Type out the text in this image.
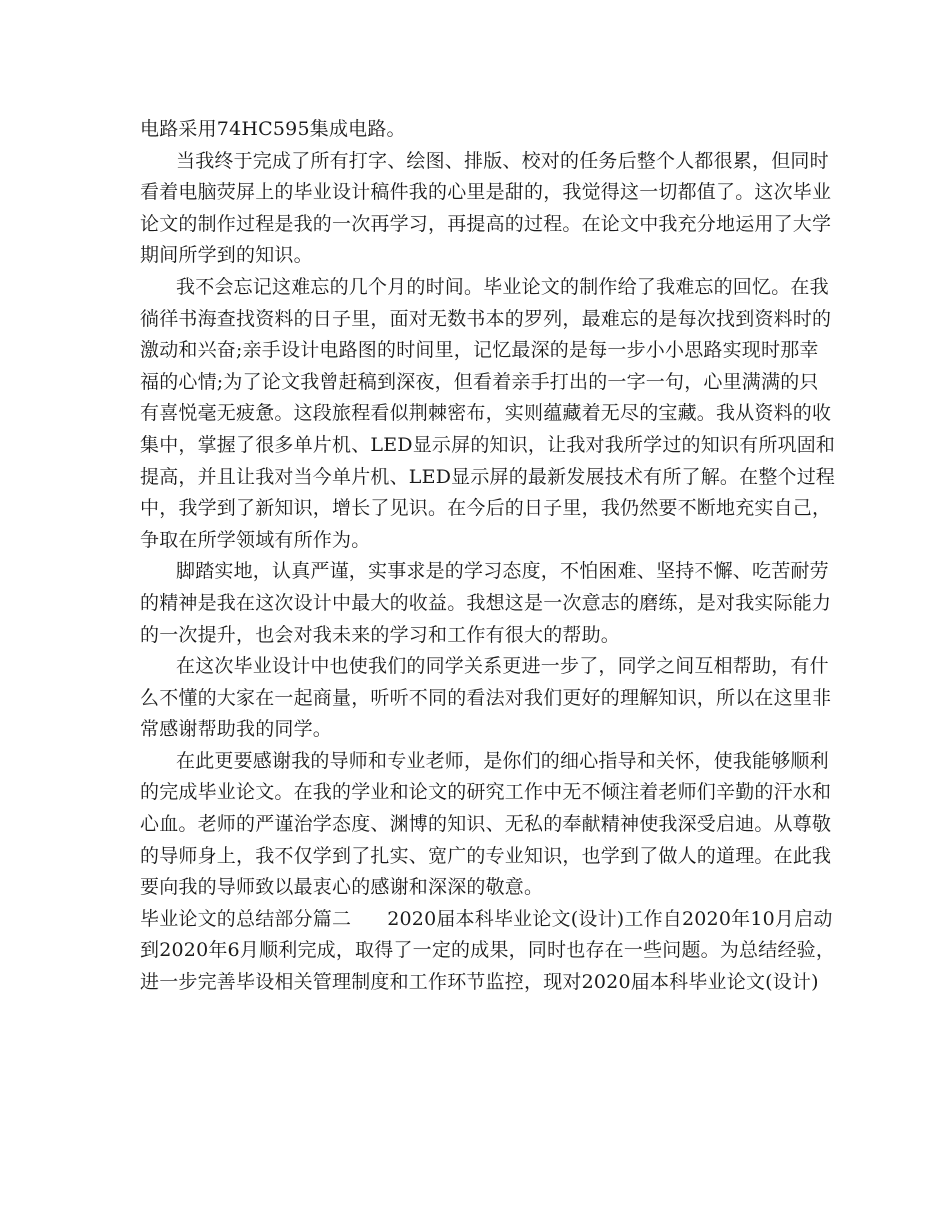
电路采用74HC595集成电路。
当我终于完成了所有打字、绘图、排版、校对的任务后整个人都很累，但同时
看着电脑荧屏上的毕业设计稿件我的心里是甜的，我觉得这一切都值了。这次毕业
论文的制作过程是我的一次再学习，再提高的过程。在论文中我充分地运用了大学
期间所学到的知识。
我不会忘记这难忘的几个月的时间。毕业论文的制作给了我难忘的回忆。在我
徜徉书海查找资料的日子里，面对无数书本的罗列，最难忘的是每次找到资料时的
激动和兴奋;亲手设计电路图的时间里，记忆最深的是每一步小小思路实现时那幸
福的心情;为了论文我曾赶稿到深夜，但看着亲手打出的一字一句，心里满满的只
有喜悦毫无疲惫。这段旅程看似荆棘密布，实则蕴藏着无尽的宝藏。我从资料的收
集中，掌握了很多单片机、LED显示屏的知识，让我对我所学过的知识有所巩固和
提高，并且让我对当今单片机、LED显示屏的最新发展技术有所了解。在整个过程
中，我学到了新知识，增长了见识。在今后的日子里，我仍然要不断地充实自己，
争取在所学领域有所作为。
脚踏实地，认真严谨，实事求是的学习态度，不怕困难、坚持不懈、吃苦耐劳
的精神是我在这次设计中最大的收益。我想这是一次意志的磨练，是对我实际能力
的一次提升，也会对我未来的学习和工作有很大的帮助。
在这次毕业设计中也使我们的同学关系更进一步了，同学之间互相帮助，有什
么不懂的大家在一起商量，听听不同的看法对我们更好的理解知识，所以在这里非
常感谢帮助我的同学。
在此更要感谢我的导师和专业老师，是你们的细心指导和关怀，使我能够顺利
的完成毕业论文。在我的学业和论文的研究工作中无不倾注着老师们辛勤的汗水和
心血。老师的严谨治学态度、渊博的知识、无私的奉献精神使我深受启迪。从尊敬
的导师身上，我不仅学到了扎实、宽广的专业知识，也学到了做人的道理。在此我
要向我的导师致以最衷心的感谢和深深的敬意。
毕业论文的总结部分篇二 2020届本科毕业论文(设计)工作自2020年10月启动
到2020年6月顺利完成，取得了一定的成果，同时也存在一些问题。为总结经验，
进一步完善毕设相关管理制度和工作环节监控，现对2020届本科毕业论文(设计)
